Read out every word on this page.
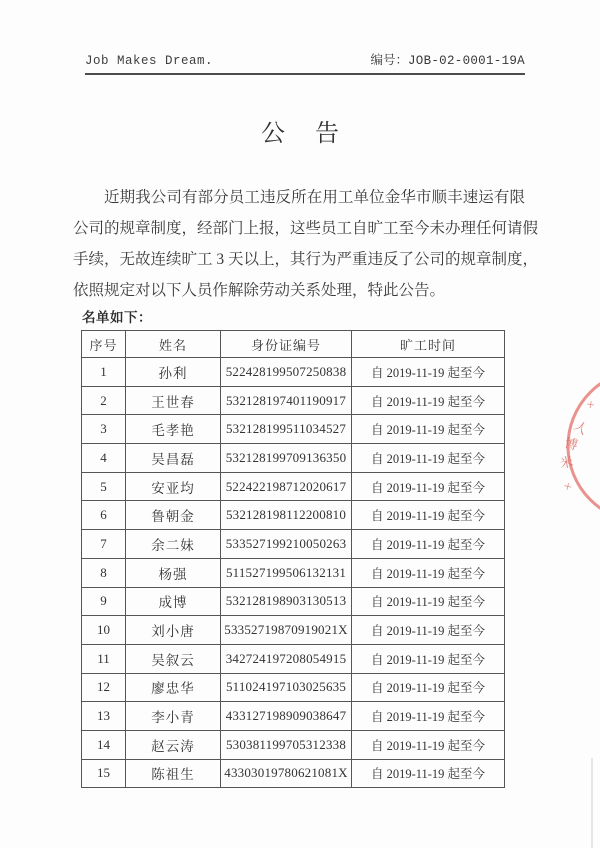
Job Makes Dream.	编号：JOB-02-0001-19A
公 告
近期我公司有部分员工违反所在用工单位金华市顺丰速运有限
公司的规章制度，经部门上报，这些员工自旷工至今未办理任何请假
手续，无故连续旷工 3 天以上，其行为严重违反了公司的规章制度，
依照规定对以下人员作解除劳动关系处理，特此公告。
名单如下：
序号	姓名	身份证编号	旷工时间
1	孙利	522428199507250838	自 2019-11-19 起至今
2	王世春	532128197401190917	自 2019-11-19 起至今
3	毛孝艳	532128199511034527	自 2019-11-19 起至今
4	吴昌磊	532128199709136350	自 2019-11-19 起至今
5	安亚均	522422198712020617	自 2019-11-19 起至今
6	鲁朝金	532128198112200810	自 2019-11-19 起至今
7	余二妹	533527199210050263	自 2019-11-19 起至今
8	杨强	511527199506132131	自 2019-11-19 起至今
9	成博	532128198903130513	自 2019-11-19 起至今
10	刘小唐	53352719870919021X	自 2019-11-19 起至今
11	吴叙云	342724197208054915	自 2019-11-19 起至今
12	廖忠华	511024197103025635	自 2019-11-19 起至今
13	李小青	433127198909038647	自 2019-11-19 起至今
14	赵云涛	530381199705312338	自 2019-11-19 起至今
15	陈祖生	43303019780621081X	自 2019-11-19 起至今
×
人
博
米
×
